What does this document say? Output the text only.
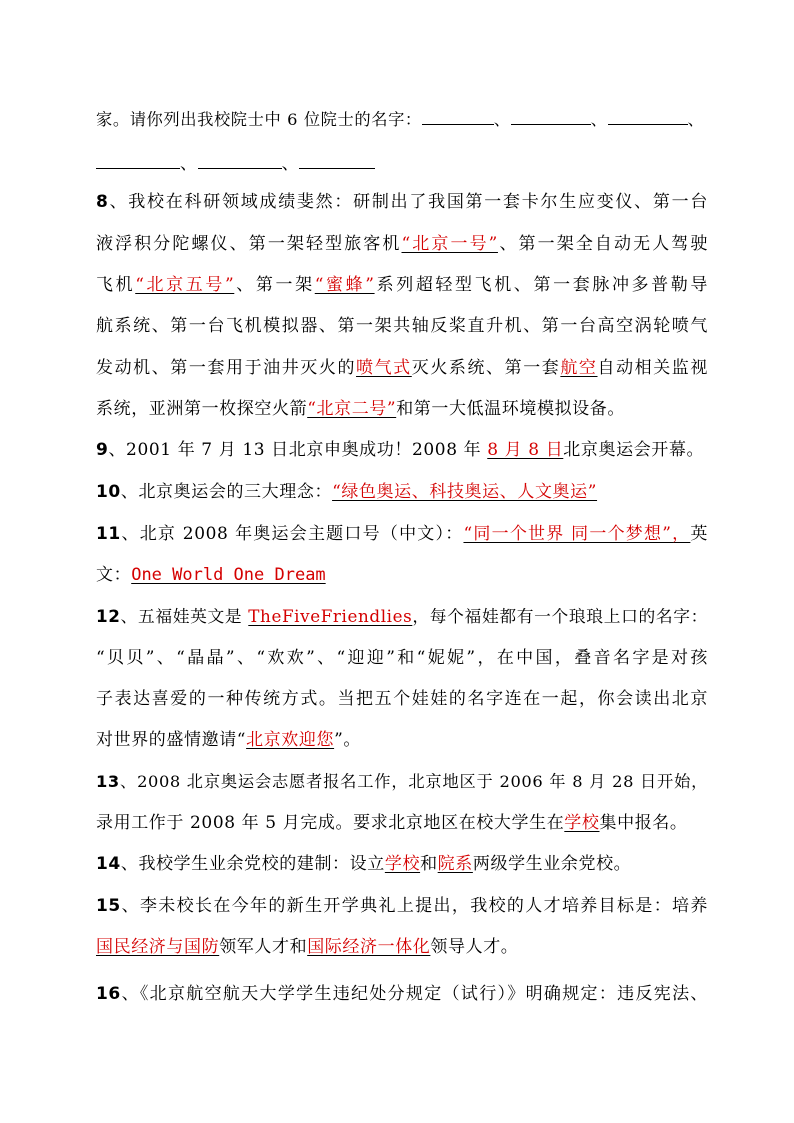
家。请你列出我校院士中 6 位院士的名字：	、	、	、
、	、
8、我校在科研领域成绩斐然：研制出了我国第一套卡尔生应变仪、第一台
液浮积分陀螺仪、第一架轻型旅客机“北京一号”、第一架全自动无人驾驶
飞机“北京五号”、第一架“蜜蜂”系列超轻型飞机、第一套脉冲多普勒导
航系统、第一台飞机模拟器、第一架共轴反桨直升机、第一台高空涡轮喷气
发动机、第一套用于油井灭火的喷气式灭火系统、第一套航空自动相关监视
系统，亚洲第一枚探空火箭“北京二号”和第一大低温环境模拟设备。
9、2001 年 7 月 13 日北京申奥成功！2008 年 8 月 8 日北京奥运会开幕。
10、北京奥运会的三大理念：“绿色奥运、科技奥运、人文奥运”
11、北京 2008 年奥运会主题口号（中文）：“同一个世界 同一个梦想”，英
文：One World One Dream
12、五福娃英文是 TheFiveFriendlies，每个福娃都有一个琅琅上口的名字：
“贝贝”、“晶晶”、“欢欢”、“迎迎”和“妮妮”，在中国，叠音名字是对孩
子表达喜爱的一种传统方式。当把五个娃娃的名字连在一起，你会读出北京
对世界的盛情邀请“北京欢迎您”。
13、2008 北京奥运会志愿者报名工作，北京地区于 2006 年 8 月 28 日开始，
录用工作于 2008 年 5 月完成。要求北京地区在校大学生在学校集中报名。
14、我校学生业余党校的建制：设立学校和院系两级学生业余党校。
15、李未校长在今年的新生开学典礼上提出，我校的人才培养目标是：培养
国民经济与国防领军人才和国际经济一体化领导人才。
16、《北京航空航天大学学生违纪处分规定（试行）》明确规定：违反宪法、
